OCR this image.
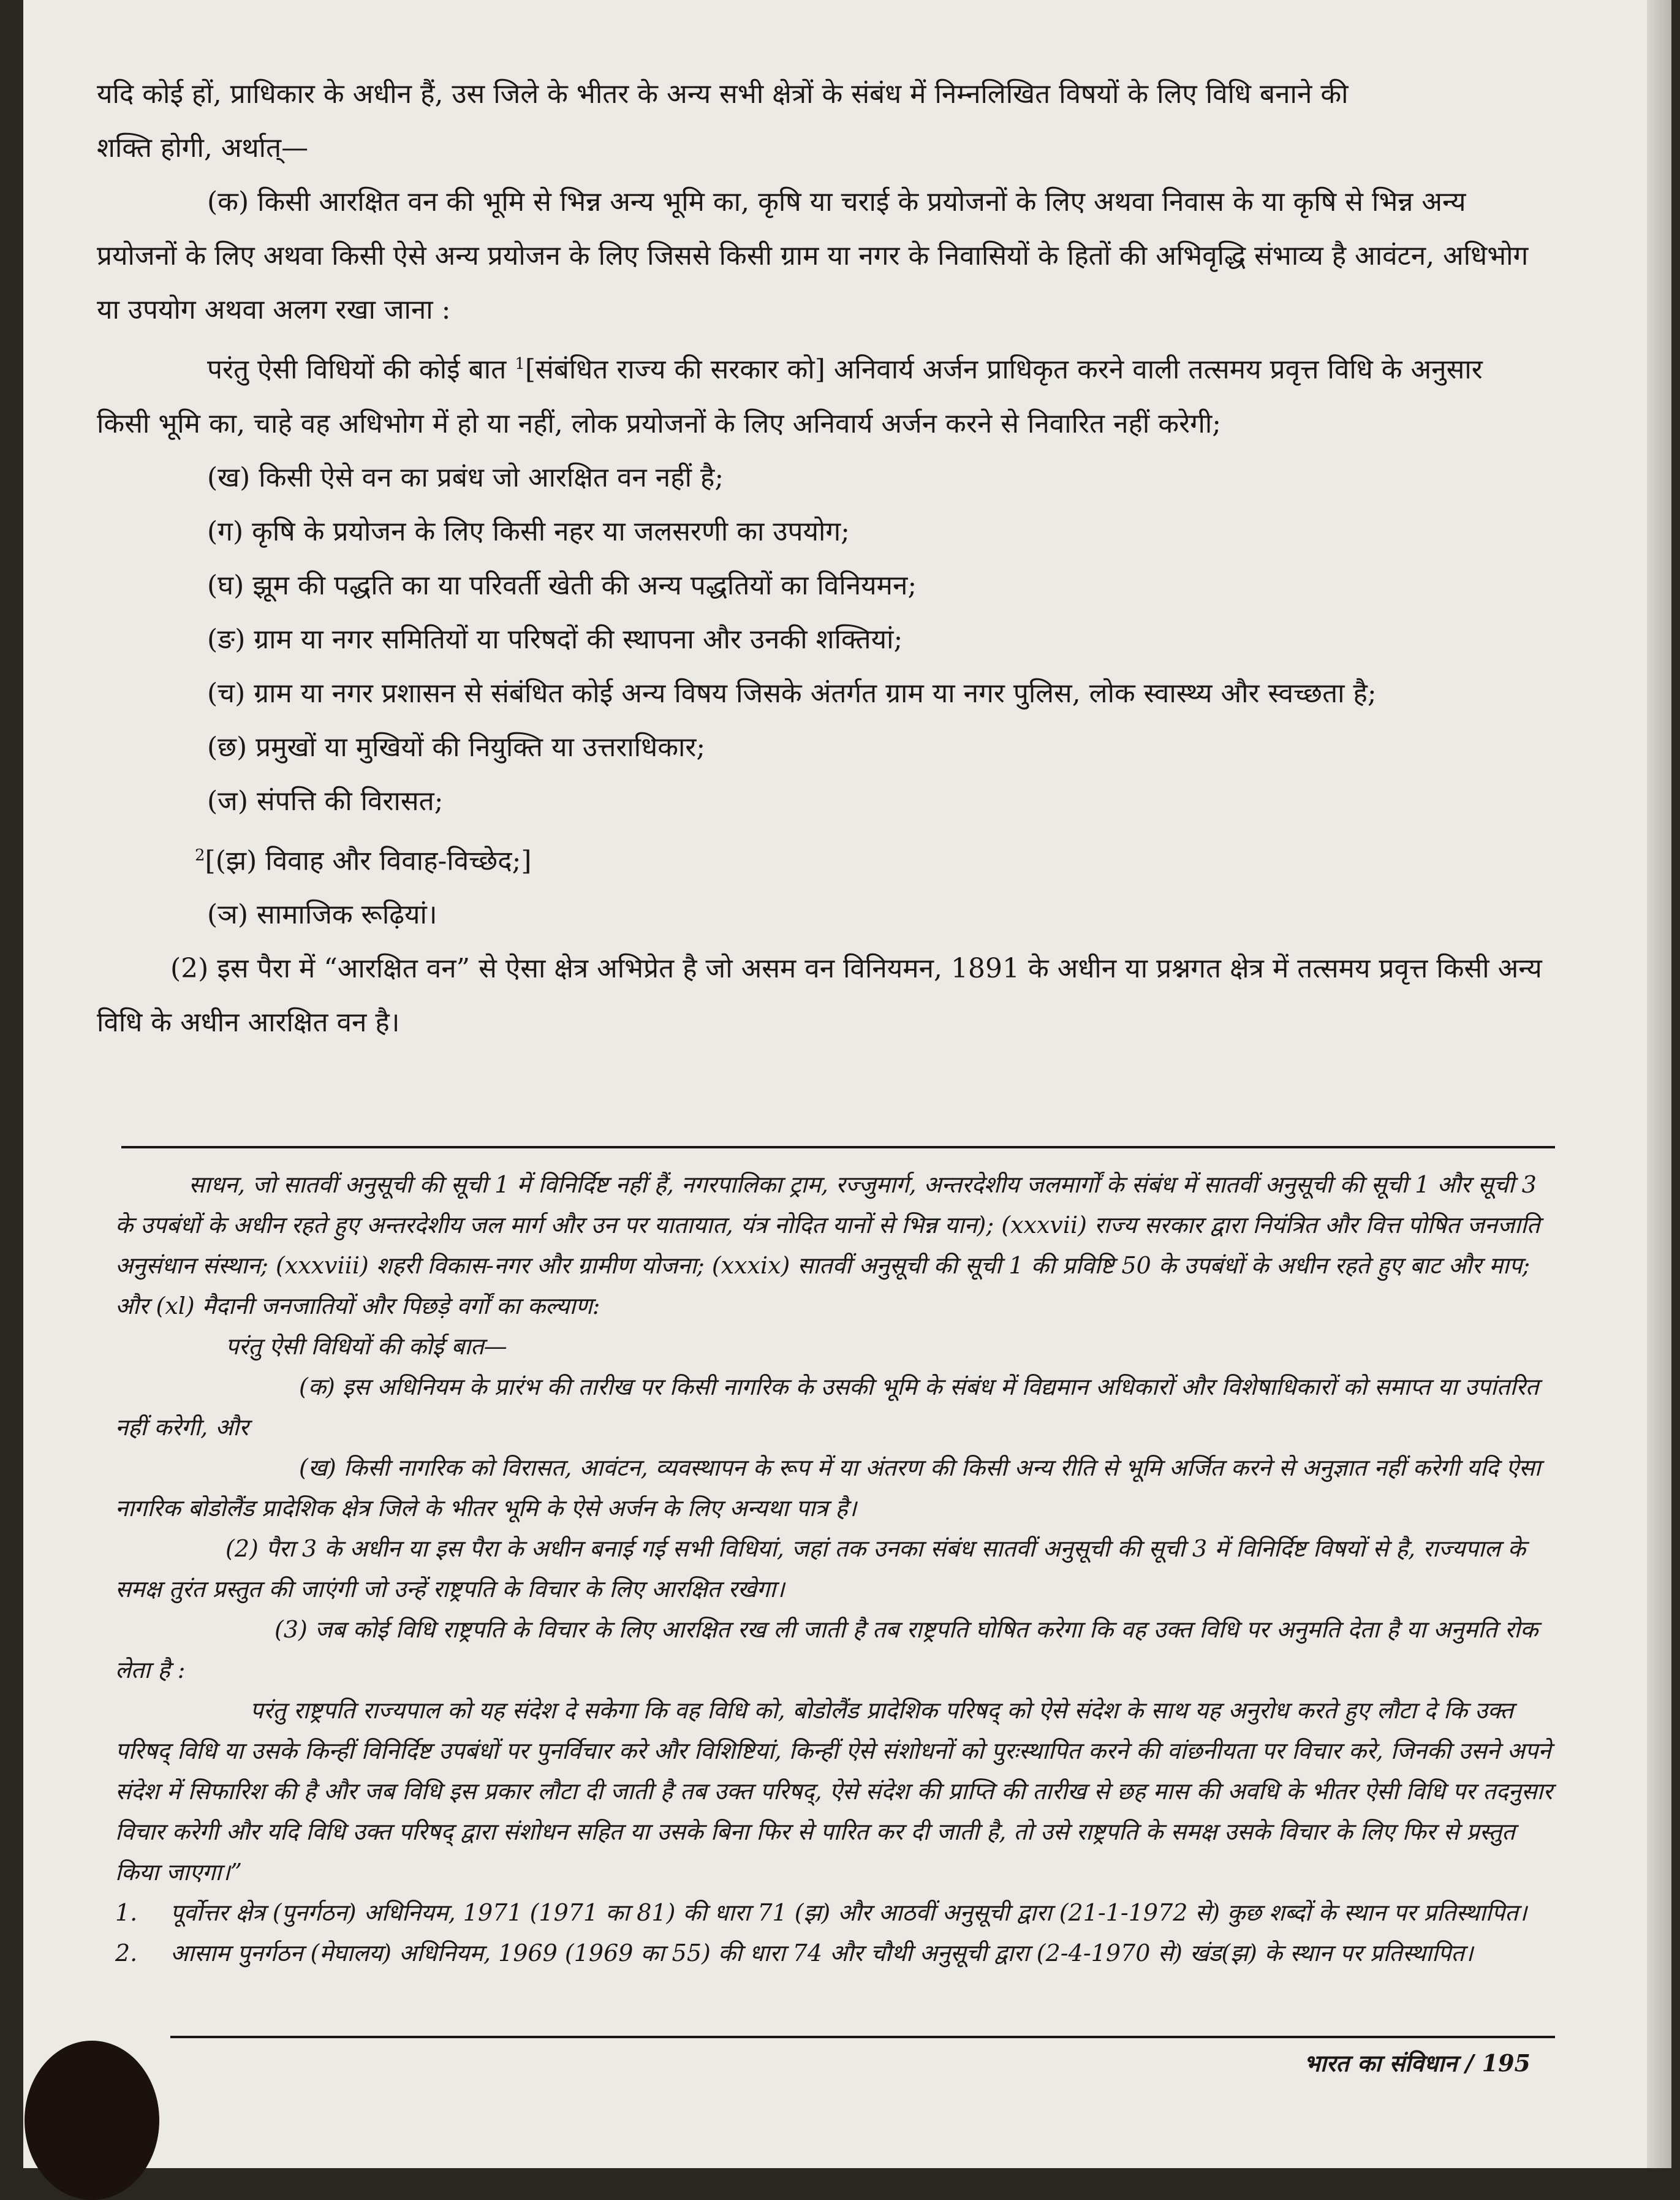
यदि कोई हों, प्राधिकार के अधीन हैं, उस जिले के भीतर के अन्य सभी क्षेत्रों के संबंध में निम्नलिखित विषयों के लिए विधि बनाने की

शक्ति होगी, अर्थात्—

(क) किसी आरक्षित वन की भूमि से भिन्न अन्य भूमि का, कृषि या चराई के प्रयोजनों के लिए अथवा निवास के या कृषि से भिन्न अन्य प्रयोजनों के लिए अथवा किसी ऐसे अन्य प्रयोजन के लिए जिससे किसी ग्राम या नगर के निवासियों के हितों की अभिवृद्धि संभाव्य है आवंटन, अधिभोग या उपयोग अथवा अलग रखा जाना :

परंतु ऐसी विधियों की कोई बात $^1$[संबंधित राज्य की सरकार को] अनिवार्य अर्जन प्राधिकृत करने वाली तत्समय प्रवृत्त विधि के अनुसार किसी भूमि का, चाहे वह अधिभोग में हो या नहीं, लोक प्रयोजनों के लिए अनिवार्य अर्जन करने से निवारित नहीं करेगी;

(ख) किसी ऐसे वन का प्रबंध जो आरक्षित वन नहीं है;

(ग) कृषि के प्रयोजन के लिए किसी नहर या जलसरणी का उपयोग;

(घ) झूम की पद्धति का या परिवर्ती खेती की अन्य पद्धतियों का विनियमन;

(ङ) ग्राम या नगर समितियों या परिषदों की स्थापना और उनकी शक्तियां;

(च) ग्राम या नगर प्रशासन से संबंधित कोई अन्य विषय जिसके अंतर्गत ग्राम या नगर पुलिस, लोक स्वास्थ्य और स्वच्छता है;

(छ) प्रमुखों या मुखियों की नियुक्ति या उत्तराधिकार;

(ज) संपत्ति की विरासत;

$^2$[(झ) विवाह और विवाह-विच्छेद;]

(ञ) सामाजिक रूढ़ियां।

(2) इस पैरा में “आरक्षित वन” से ऐसा क्षेत्र अभिप्रेत है जो असम वन विनियमन, 1891 के अधीन या प्रश्नगत क्षेत्र में तत्समय प्रवृत्त किसी अन्य विधि के अधीन आरक्षित वन है।

साधन, जो सातवीं अनुसूची की सूची 1 में विनिर्दिष्ट नहीं हैं, नगरपालिका ट्राम, रज्जुमार्ग, अन्तरदेशीय जलमार्गों के संबंध में सातवीं अनुसूची की सूची 1 और सूची 3 के उपबंधों के अधीन रहते हुए अन्तरदेशीय जल मार्ग और उन पर यातायात, यंत्र नोदित यानों से भिन्न यान); (xxxvii) राज्य सरकार द्वारा नियंत्रित और वित्त पोषित जनजाति अनुसंधान संस्थान; (xxxviii) शहरी विकास-नगर और ग्रामीण योजना; (xxxix) सातवीं अनुसूची की सूची 1 की प्रविष्टि 50 के उपबंधों के अधीन रहते हुए बाट और माप; और (xl) मैदानी जनजातियों और पिछड़े वर्गों का कल्याण:

परंतु ऐसी विधियों की कोई बात—

(क) इस अधिनियम के प्रारंभ की तारीख पर किसी नागरिक के उसकी भूमि के संबंध में विद्यमान अधिकारों और विशेषाधिकारों को समाप्त या उपांतरित नहीं करेगी, और

(ख) किसी नागरिक को विरासत, आवंटन, व्यवस्थापन के रूप में या अंतरण की किसी अन्य रीति से भूमि अर्जित करने से अनुज्ञात नहीं करेगी यदि ऐसा नागरिक बोडोलैंड प्रादेशिक क्षेत्र जिले के भीतर भूमि के ऐसे अर्जन के लिए अन्यथा पात्र है।

(2) पैरा 3 के अधीन या इस पैरा के अधीन बनाई गई सभी विधियां, जहां तक उनका संबंध सातवीं अनुसूची की सूची 3 में विनिर्दिष्ट विषयों से है, राज्यपाल के समक्ष तुरंत प्रस्तुत की जाएंगी जो उन्हें राष्ट्रपति के विचार के लिए आरक्षित रखेगा।

(3) जब कोई विधि राष्ट्रपति के विचार के लिए आरक्षित रख ली जाती है तब राष्ट्रपति घोषित करेगा कि वह उक्त विधि पर अनुमति देता है या अनुमति रोक लेता है :

परंतु राष्ट्रपति राज्यपाल को यह संदेश दे सकेगा कि वह विधि को, बोडोलैंड प्रादेशिक परिषद् को ऐसे संदेश के साथ यह अनुरोध करते हुए लौटा दे कि उक्त परिषद् विधि या उसके किन्हीं विनिर्दिष्ट उपबंधों पर पुनर्विचार करे और विशिष्टियां, किन्हीं ऐसे संशोधनों को पुरःस्थापित करने की वांछनीयता पर विचार करे, जिनकी उसने अपने संदेश में सिफारिश की है और जब विधि इस प्रकार लौटा दी जाती है तब उक्त परिषद्, ऐसे संदेश की प्राप्ति की तारीख से छह मास की अवधि के भीतर ऐसी विधि पर तदनुसार विचार करेगी और यदि विधि उक्त परिषद् द्वारा संशोधन सहित या उसके बिना फिर से पारित कर दी जाती है, तो उसे राष्ट्रपति के समक्ष उसके विचार के लिए फिर से प्रस्तुत किया जाएगा।”

1.	पूर्वोत्तर क्षेत्र (पुनर्गठन) अधिनियम, 1971 (1971 का 81) की धारा 71 (झ) और आठवीं अनुसूची द्वारा (21-1-1972 से) कुछ शब्दों के स्थान पर प्रतिस्थापित।

2.	आसाम पुनर्गठन (मेघालय) अधिनियम, 1969 (1969 का 55) की धारा 74 और चौथी अनुसूची द्वारा (2-4-1970 से) खंड(झ) के स्थान पर प्रतिस्थापित।

भारत का संविधान / 195
